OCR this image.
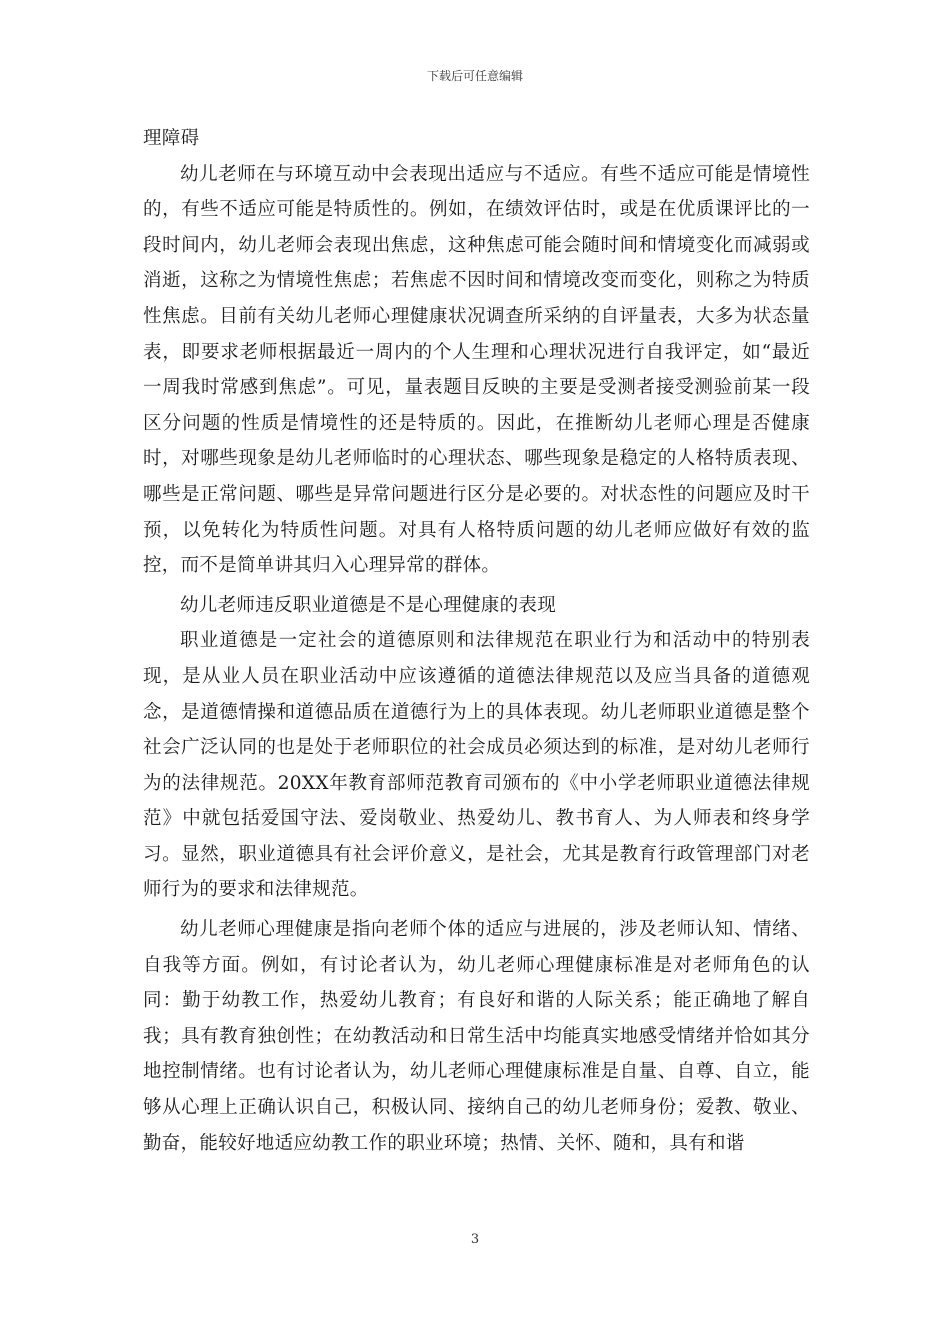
下载后可任意编辑

理障碍

幼儿老师在与环境互动中会表现出适应与不适应。有些不适应可能是情境性的，有些不适应可能是特质性的。例如，在绩效评估时，或是在优质课评比的一段时间内，幼儿老师会表现出焦虑，这种焦虑可能会随时间和情境变化而减弱或消逝，这称之为情境性焦虑；若焦虑不因时间和情境改变而变化，则称之为特质性焦虑。目前有关幼儿老师心理健康状况调查所采纳的自评量表，大多为状态量表，即要求老师根据最近一周内的个人生理和心理状况进行自我评定，如“最近一周我时常感到焦虑”。可见，量表题目反映的主要是受测者接受测验前某一段区分问题的性质是情境性的还是特质的。因此，在推断幼儿老师心理是否健康时，对哪些现象是幼儿老师临时的心理状态、哪些现象是稳定的人格特质表现、哪些是正常问题、哪些是异常问题进行区分是必要的。对状态性的问题应及时干预，以免转化为特质性问题。对具有人格特质问题的幼儿老师应做好有效的监控，而不是简单讲其归入心理异常的群体。

幼儿老师违反职业道德是不是心理健康的表现

职业道德是一定社会的道德原则和法律规范在职业行为和活动中的特别表现，是从业人员在职业活动中应该遵循的道德法律规范以及应当具备的道德观念，是道德情操和道德品质在道德行为上的具体表现。幼儿老师职业道德是整个社会广泛认同的也是处于老师职位的社会成员必须达到的标准，是对幼儿老师行为的法律规范。20XX年教育部师范教育司颁布的《中小学老师职业道德法律规范》中就包括爱国守法、爱岗敬业、热爱幼儿、教书育人、为人师表和终身学习。显然，职业道德具有社会评价意义，是社会，尤其是教育行政管理部门对老师行为的要求和法律规范。

幼儿老师心理健康是指向老师个体的适应与进展的，涉及老师认知、情绪、自我等方面。例如，有讨论者认为，幼儿老师心理健康标准是对老师角色的认同：勤于幼教工作，热爱幼儿教育；有良好和谐的人际关系；能正确地了解自我；具有教育独创性；在幼教活动和日常生活中均能真实地感受情绪并恰如其分地控制情绪。也有讨论者认为，幼儿老师心理健康标准是自量、自尊、自立，能够从心理上正确认识自己，积极认同、接纳自己的幼儿老师身份；爱教、敬业、勤奋，能较好地适应幼教工作的职业环境；热情、关怀、随和，具有和谐

3
